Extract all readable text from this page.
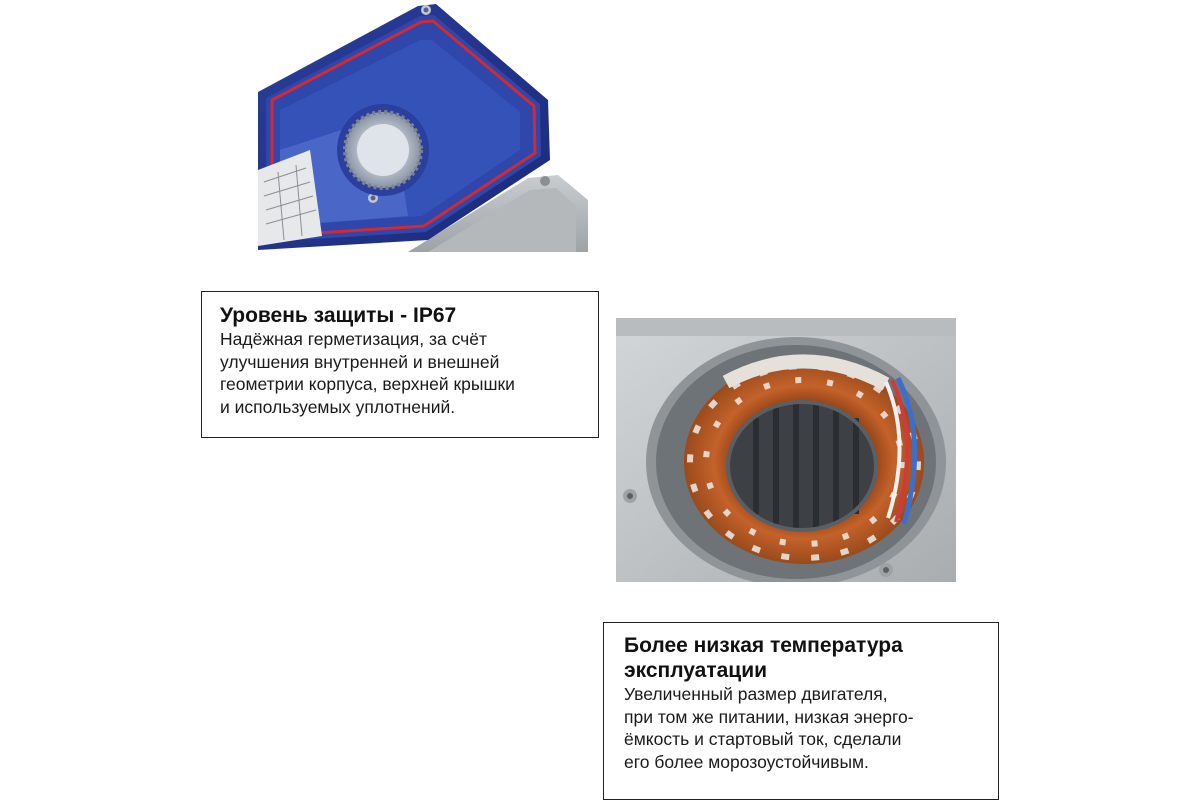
Уровень защиты - IP67
Надёжная герметизация, за счёт
улучшения внутренней и внешней
геометрии корпуса, верхней крышки
и используемых уплотнений.
Более низкая температура
эксплуатации
Увеличенный размер двигателя,
при том же питании, низкая энерго-
ёмкость и стартовый ток, сделали
его более морозоустойчивым.
